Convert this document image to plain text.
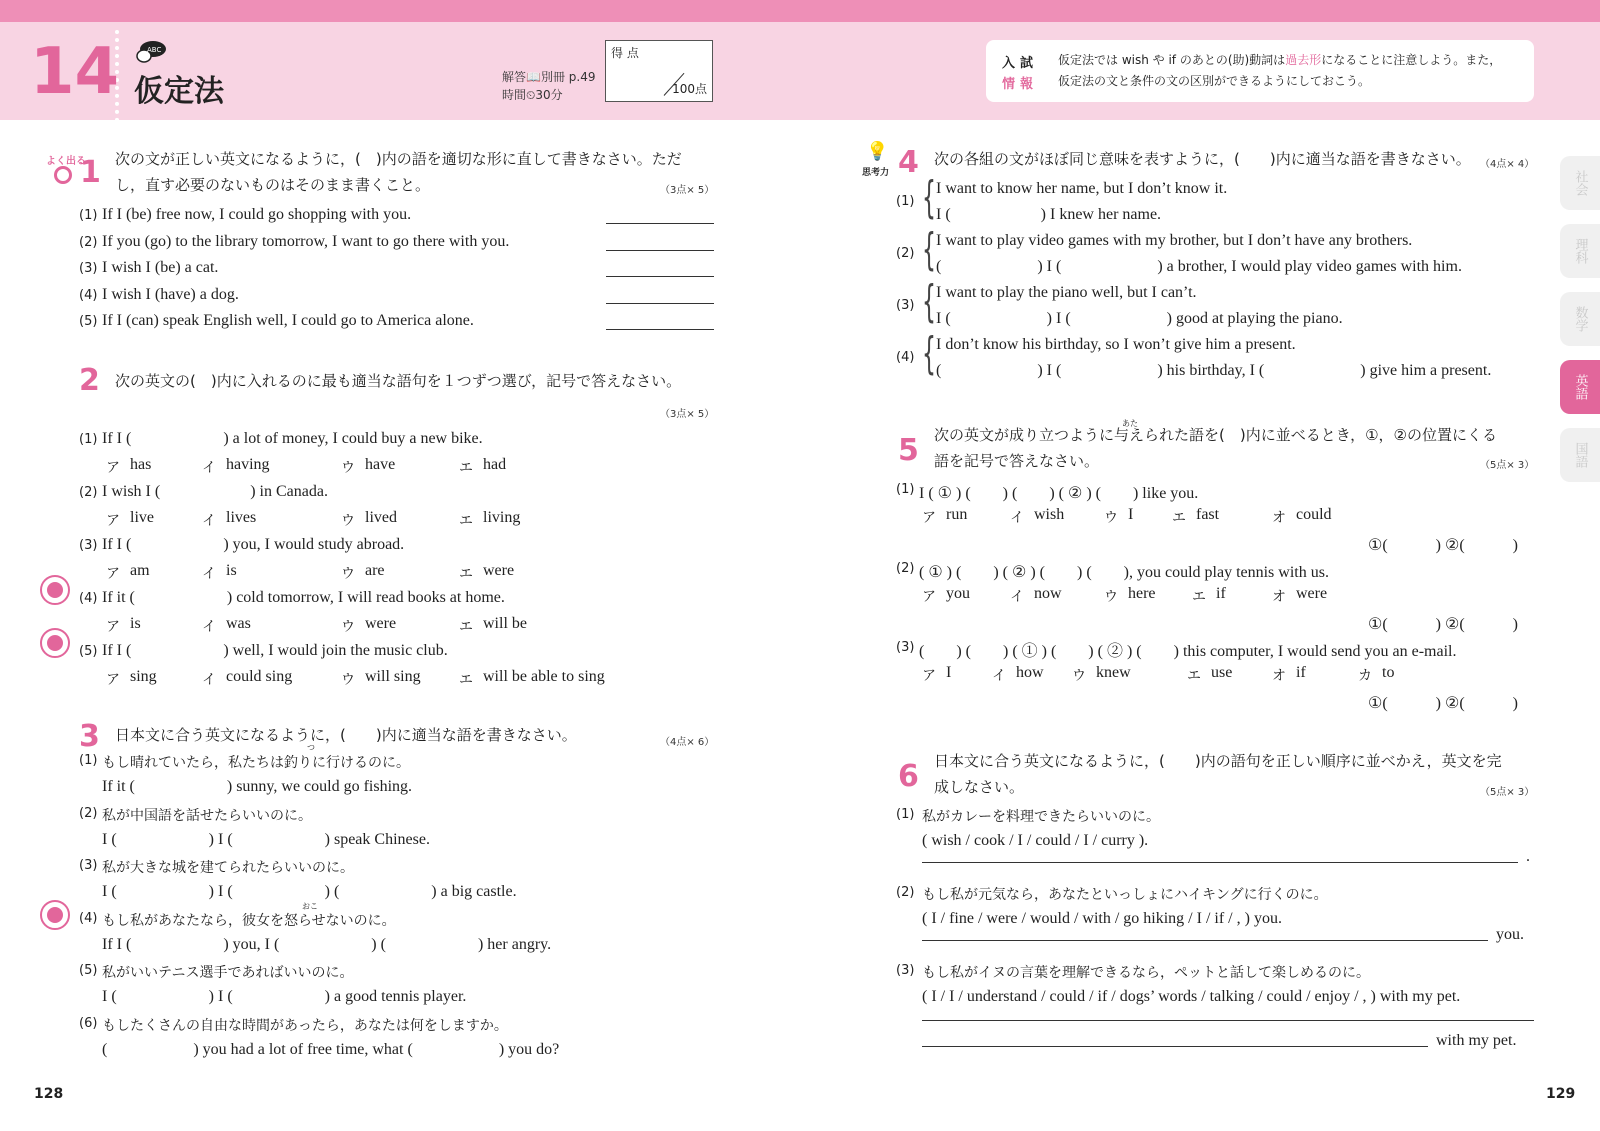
14	ABC
仮定法	解答📖別冊 p.49
時間⏲30分
得 点
100点
入試
情報
仮定法では wish や if のあとの(助)動詞は過去形になることに注意しよう。また，
仮定法の文と条件の文の区別ができるようにしておこう。
社会
理科
数学
英語
国語
よく出る
1 次の文が正しい英文になるように，(　)内の語を適切な形に直して書きなさい。ただ
し，直す必要のないものはそのまま書くこと。	（3点× 5）
(1) If I (be) free now, I could go shopping with you.
(2) If you (go) to the library tomorrow, I want to go there with you.
(3) I wish I (be) a cat.
(4) I wish I (have) a dog.
(5) If I (can) speak English well, I could go to America alone.
2 次の英文の(　)内に入れるのに最も適当な語句を１つずつ選び，記号で答えなさい。
（3点× 5）
(1) If I (	) a lot of money, I could buy a new bike.
ア has	イ having	ウ have	エ had
(2) I wish I (	) in Canada.
ア live	イ lives	ウ lived	エ living
(3) If I (	) you, I would study abroad.
ア am	イ is	ウ are	エ were
(4) If it (	) cold tomorrow, I will read books at home.
ア is	イ was	ウ were	エ will be
(5) If I (	) well, I would join the music club.
ア sing	イ could sing	ウ will sing	エ will be able to sing
3 日本文に合う英文になるように，(　　)内に適当な語を書きなさい。	（4点× 6）
つ
おこ
(1) もし晴れていたら，私たちは釣りに行けるのに。
If it (	) sunny, we could go fishing.
(2) 私が中国語を話せたらいいのに。
I (	) I (	) speak Chinese.
(3) 私が大きな城を建てられたらいいのに。
I (	) I (	) (	) a big castle.
(4) もし私があなたなら，彼女を怒らせないのに。
If I (	) you, I (	) (	) her angry.
(5) 私がいいテニス選手であればいいのに。
I (	) I (	) a good tennis player.
(6) もしたくさんの自由な時間があったら，あなたは何をしますか。
(	) you had a lot of free time, what (	) you do?
💡
思考力 4 次の各組の文がほぼ同じ意味を表すように，(　　)内に適当な語を書きなさい。 （4点× 4）
(1) { I want to know her name, but I don’t know it.
I (	) I knew her name.
(2) { I want to play video games with my brother, but I don’t have any brothers.
(	) I (	) a brother, I would play video games with him.
(3) { I want to play the piano well, but I can’t.
I (	) I (	) good at playing the piano.
(4) { I don’t know his birthday, so I won’t give him a present.
(	) I (	) his birthday, I (	) give him a present.
5
あた
次の英文が成り立つように与えられた語を(　)内に並べるとき，①，②の位置にくる
語を記号で答えなさい。	（5点× 3）
(1) I ( ① ) (　　) (　　) ( ② ) (　　) like you.
ア run	イ wish	ウ I	エ fast	オ could
①(　　　) ②(　　　)
(2) ( ① ) (　　) ( ② ) (　　) (　　), you could play tennis with us.
ア you	イ now	ウ here	エ if	オ were
①(　　　) ②(　　　)
(3) (　　) (　　) ( ① ) (　　) ( ② ) (　　) this computer, I would send you an e-mail.
ア I	イ how ウ knew	エ use	オ if	カ to
①(　　　) ②(　　　)
6 日本文に合う英文になるように，(　　)内の語句を正しい順序に並べかえ，英文を完
成しなさい。	（5点× 3）
(1) 私がカレーを料理できたらいいのに。
( wish / cook / I / could / I / curry ).
.
(2) もし私が元気なら，あなたといっしょにハイキングに行くのに。
( I / fine / were / would / with / go hiking / I / if / , ) you.
you.
(3) もし私がイヌの言葉を理解できるなら，ペットと話して楽しめるのに。
( I / I / understand / could / if / dogs’ words / talking / could / enjoy / , ) with my pet.
with my pet.
128	129
